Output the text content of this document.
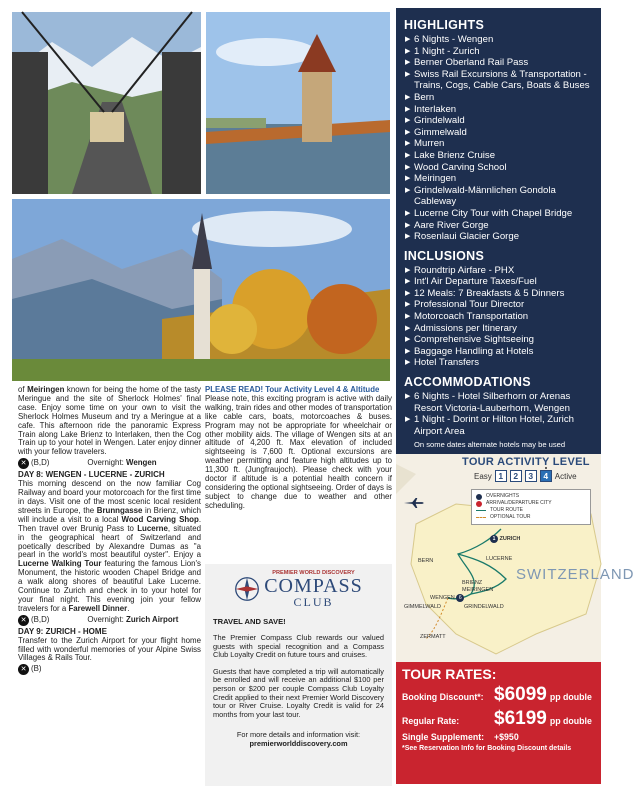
HIGHLIGHTS
▶ 6 Nights - Wengen
▶ 1 Night - Zurich
▶ Berner Oberland Rail Pass
▶ Swiss Rail Excursions & Transportation - Trains, Cogs, Cable Cars, Boats & Buses
▶ Bern
▶ Interlaken
▶ Grindelwald
▶ Gimmelwald
▶ Murren
▶ Lake Brienz Cruise
▶ Wood Carving School
▶ Meiringen
▶ Grindelwald-Männlichen Gondola Cableway
▶ Lucerne City Tour with Chapel Bridge
▶ Aare River Gorge
▶ Rosenlaui Glacier Gorge
INCLUSIONS
▶ Roundtrip Airfare - PHX
▶ Int'l Air Departure Taxes/Fuel
▶ 12 Meals: 7 Breakfasts & 5 Dinners
▶ Professional Tour Director
▶ Motorcoach Transportation
▶ Admissions per Itinerary
▶ Comprehensive Sightseeing
▶ Baggage Handling at Hotels
▶ Hotel Transfers
ACCOMMODATIONS
▶ 6 Nights - Hotel Silberhorn or Arenas Resort Victoria-Lauberhorn, Wengen
▶ 1 Night - Dorint or Hilton Hotel, Zurich Airport Area
On some dates alternate hotels may be used
TOUR ACTIVITY LEVEL
Easy 1	2	3	4 Active
OVERNIGHTS
ARRIVAL/DEPARTURE CITY
TOUR ROUTE
OPTIONAL TOUR
SWITZERLAND
1 ZURICH
BERN	LUCERNE
BRIENZ
MEIRINGEN
WENGEN 6
GIMMELWALD	GRINDELWALD
ZERMATT
TOUR RATES:
Booking Discount*: $6099 pp double
Regular Rate:	$6199 pp double
Single Supplement:	+$950
*See Reservation Info for Booking Discount details

of Meiringen known for being the home of the tasty Meringue and the site of Sherlock Holmes' final case. Enjoy some time on your own to visit the Sherlock Holmes Museum and try a Meringue at a cafe. This afternoon ride the panoramic Express Train along Lake Brienz to Interlaken, then the Cog Train up to your hotel in Wengen. Later enjoy dinner with your fellow travelers.

✕ (B,D)	Overnight:
Wengen
DAY 8: WENGEN - LUCERNE - ZURICH

This morning descend on the now familiar Cog Railway and board your motorcoach for the first time in days. Visit one of the most scenic local resident streets in Europe, the Brunngasse in Brienz, which will include a visit to a local Wood Carving Shop. Then travel over Brunig Pass to Lucerne, situated in the geographical heart of Switzerland and poetically described by Alexandre Dumas as "a pearl in the world's most beautiful oyster". Enjoy a Lucerne Walking Tour featuring the famous Lion's Monument, the historic wooden Chapel Bridge and a walk along shores of beautiful Lake Lucerne. Continue to Zurich and check in to your hotel for your final night. This evening join your fellow travelers for a Farewell Dinner.

✕ (B,D)	Overnight:
Zurich Airport
DAY 9: ZURICH - HOME

Transfer to the Zurich Airport for your flight home filled with wonderful memories of your Alpine Swiss Villages & Rails Tour.

✕ (B)
PLEASE READ! Tour Activity Level 4 & Altitude

Please note, this exciting program is active with daily walking, train rides and other modes of transportation like cable cars, boats, motorcoaches & buses. Program may not be appropriate for wheelchair or other mobility aids. The village of Wengen sits at an altitude of 4,200 ft. Max elevation of included sightseeing is 7,600 ft. Optional excursions are weather permitting and feature high altitudes up to 11,300 ft. (Jungfraujoch). Please check with your doctor if altitude is a potential health concern if considering the optional sightseeing. Order of days is subject to change due to weather and other scheduling.

PREMIER WORLD DISCOVERY
COMPASS
CLUB
TRAVEL AND SAVE!

The Premier Compass Club rewards our valued guests with special recognition and a Compass Club Loyalty Credit on future tours and cruises.

Guests that have completed a trip will automatically be enrolled and will receive an additional $100 per person or $200 per couple Compass Club Loyalty Credit applied to their next Premier World Discovery tour or River Cruise. Loyalty Credit is valid for 24 months from your last tour.

For more details and information visit:

premierworlddiscovery.com
